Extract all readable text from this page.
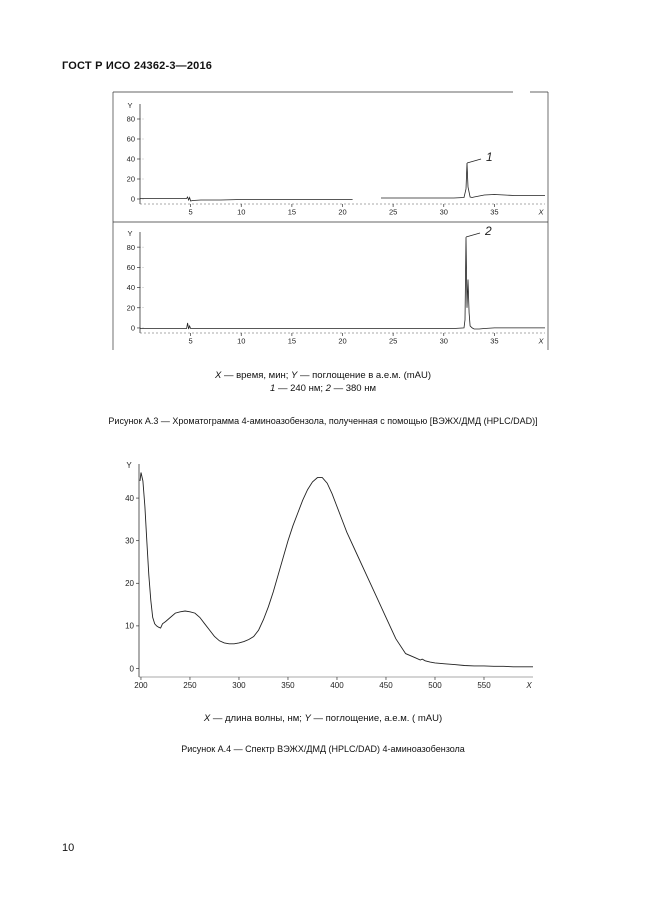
ГОСТ Р ИСО 24362-3—2016
Y
X
0
20
40
60
80
5	10	15	20	25	30	35
1
Y
X
0
20
40
60
80
5	10	15	20	25	30	35
2
X — время, мин; Y — поглощение в а.е.м. (mAU)
1 — 240 нм; 2 — 380 нм
Рисунок А.3 — Хроматограмма 4-аминоазобензола, полученная с помощью [ВЭЖХ/ДМД (HPLC/DAD)]
Y
X
0
10
20
30
40
200	250	300	350	400	450	500	550
X — длина волны, нм; Y — поглощение, а.е.м. ( mAU)
Рисунок А.4 — Спектр ВЭЖХ/ДМД (HPLC/DAD) 4-аминоазобензола
10
